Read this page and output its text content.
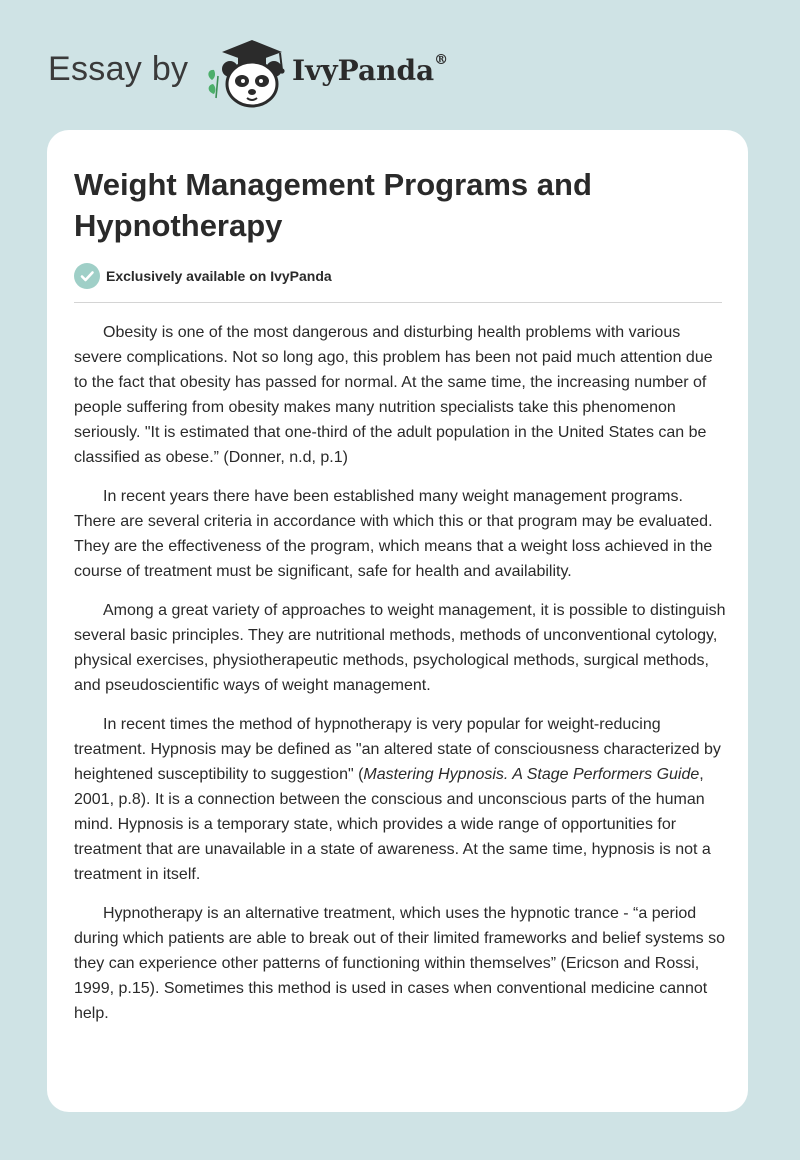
Essay by	IvyPanda®
Weight Management Programs and Hypnotherapy
Exclusively available on IvyPanda

Obesity is one of the most dangerous and disturbing health problems with various severe complications. Not so long ago, this problem has been not paid much attention due to the fact that obesity has passed for normal. At the same time, the increasing number of people suffering from obesity makes many nutrition specialists take this phenomenon seriously. "It is estimated that one-third of the adult population in the United States can be classified as obese.” (Donner, n.d, p.1)

In recent years there have been established many weight management programs. There are several criteria in accordance with which this or that program may be evaluated. They are the effectiveness of the program, which means that a weight loss achieved in the course of treatment must be significant, safe for health and availability.

Among a great variety of approaches to weight management, it is possible to distinguish several basic principles. They are nutritional methods, methods of unconventional cytology, physical exercises, physiotherapeutic methods, psychological methods, surgical methods, and pseudoscientific ways of weight management.

In recent times the method of hypnotherapy is very popular for weight-reducing treatment. Hypnosis may be defined as "an altered state of consciousness characterized by heightened susceptibility to suggestion" (Mastering Hypnosis. A Stage Performers Guide, 2001, p.8). It is a connection between the conscious and unconscious parts of the human mind. Hypnosis is a temporary state, which provides a wide range of opportunities for treatment that are unavailable in a state of awareness. At the same time, hypnosis is not a treatment in itself.

Hypnotherapy is an alternative treatment, which uses the hypnotic trance - “a period during which patients are able to break out of their limited frameworks and belief systems so they can experience other patterns of functioning within themselves” (Ericson and Rossi, 1999, p.15). Sometimes this method is used in cases when conventional medicine cannot help.
